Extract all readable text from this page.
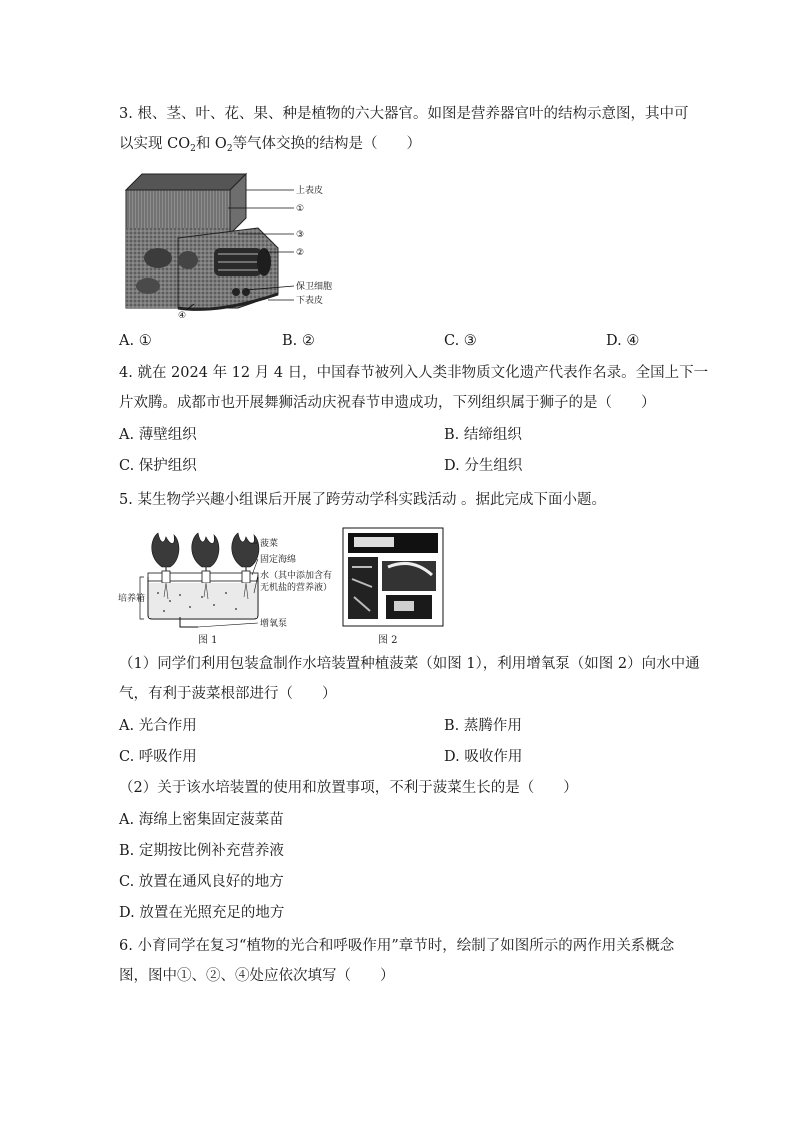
3. 根、茎、叶、花、果、种是植物的六大器官。如图是营养器官叶的结构示意图，其中可
以实现 $CO_2$和 $O_2$等气体交换的结构是（　　）
上表皮
①
③
②
保卫细胞
下表皮
④
A. ①	B. ②	C. ③	D. ④
4. 就在 2024 年 12 月 4 日，中国春节被列入人类非物质文化遗产代表作名录。全国上下一
片欢腾。成都市也开展舞狮活动庆祝春节申遗成功，下列组织属于狮子的是（　　）
A. 薄壁组织	B. 结缔组织
C. 保护组织	D. 分生组织
5. 某生物学兴趣小组课后开展了跨劳动学科实践活动 。据此完成下面小题。
菠菜
固定海绵
水（其中添加含有
无机盐的营养液）
培养箱
增氧泵
图 1	图 2
（1）同学们利用包装盒制作水培装置种植菠菜（如图 1），利用增氧泵（如图 2）向水中通
气，有利于菠菜根部进行（　　）
A. 光合作用	B. 蒸腾作用
C. 呼吸作用	D. 吸收作用
（2）关于该水培装置的使用和放置事项，不利于菠菜生长的是（　　）
A. 海绵上密集固定菠菜苗
B. 定期按比例补充营养液
C. 放置在通风良好的地方
D. 放置在光照充足的地方
6. 小育同学在复习“植物的光合和呼吸作用”章节时，绘制了如图所示的两作用关系概念
图，图中①、②、④处应依次填写（　　）
